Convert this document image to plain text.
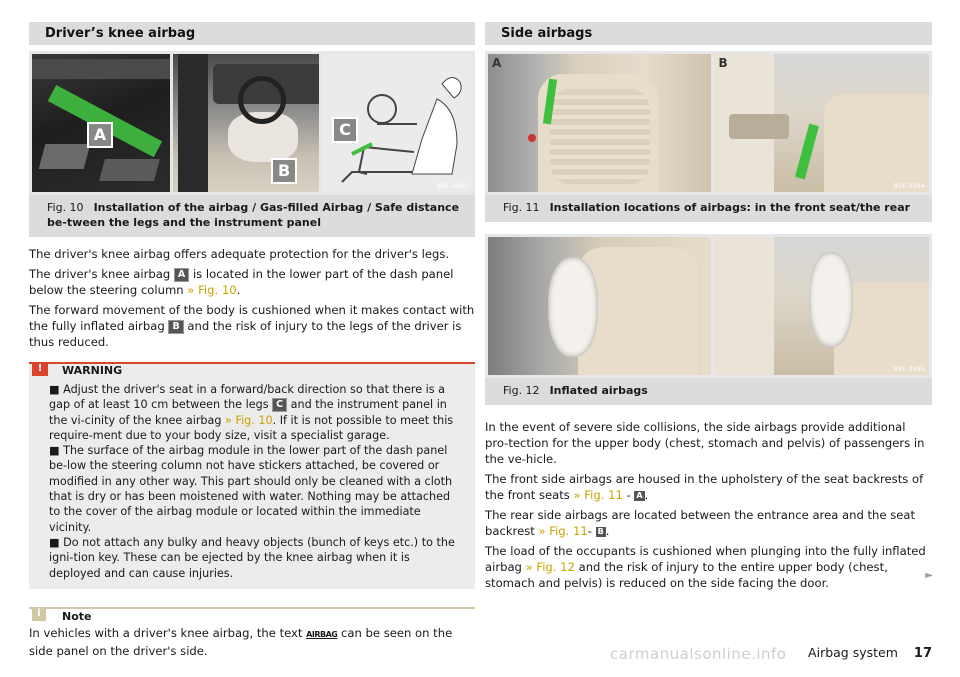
Driver’s knee airbag
A
B
C
B5E-0567
Fig. 10 Installation of the airbag / Gas-filled Airbag / Safe distance be-tween the legs and the instrument panel

The driver's knee airbag offers adequate protection for the driver's legs.

The driver's knee airbag A is located in the lower part of the dash panel below the steering column » Fig. 10.

The forward movement of the body is cushioned when it makes contact with the fully inflated airbag B and the risk of injury to the legs of the driver is thus reduced.

!	WARNING
■ Adjust the driver's seat in a forward/back direction so that there is a gap of at least 10 cm between the legs C and the instrument panel in the vi-cinity of the knee airbag » Fig. 10. If it is not possible to meet this require-ment due to your body size, visit a specialist garage.
■ The surface of the airbag module in the lower part of the dash panel be-low the steering column not have stickers attached, be covered or modified in any other way. This part should only be cleaned with a cloth that is dry or has been moistened with water. Nothing may be attached to the cover of the airbag module or located within the immediate vicinity.
■ Do not attach any bulky and heavy objects (bunch of keys etc.) to the igni-tion key. These can be ejected by the knee airbag when it is deployed and can cause injuries.
i	Note

In vehicles with a driver's knee airbag, the text AIRBAG can be seen on the side panel on the driver's side.

Side airbags
A	B
B5E-0394
Fig. 11 Installation locations of airbags: in the front seat/the rear
B5E-0395
Fig. 12 Inflated airbags

In the event of severe side collisions, the side airbags provide additional pro-tection for the upper body (chest, stomach and pelvis) of passengers in the ve-hicle.

The front side airbags are housed in the upholstery of the seat backrests of the front seats » Fig. 11 - A .

The rear side airbags are located between the entrance area and the seat backrest » Fig. 11- B .

The load of the occupants is cushioned when plunging into the fully inflated airbag » Fig. 12 and the risk of injury to the entire upper body (chest, stomach and pelvis) is reduced on the side facing the door.

►
carmanualsonline.info Airbag system 17
